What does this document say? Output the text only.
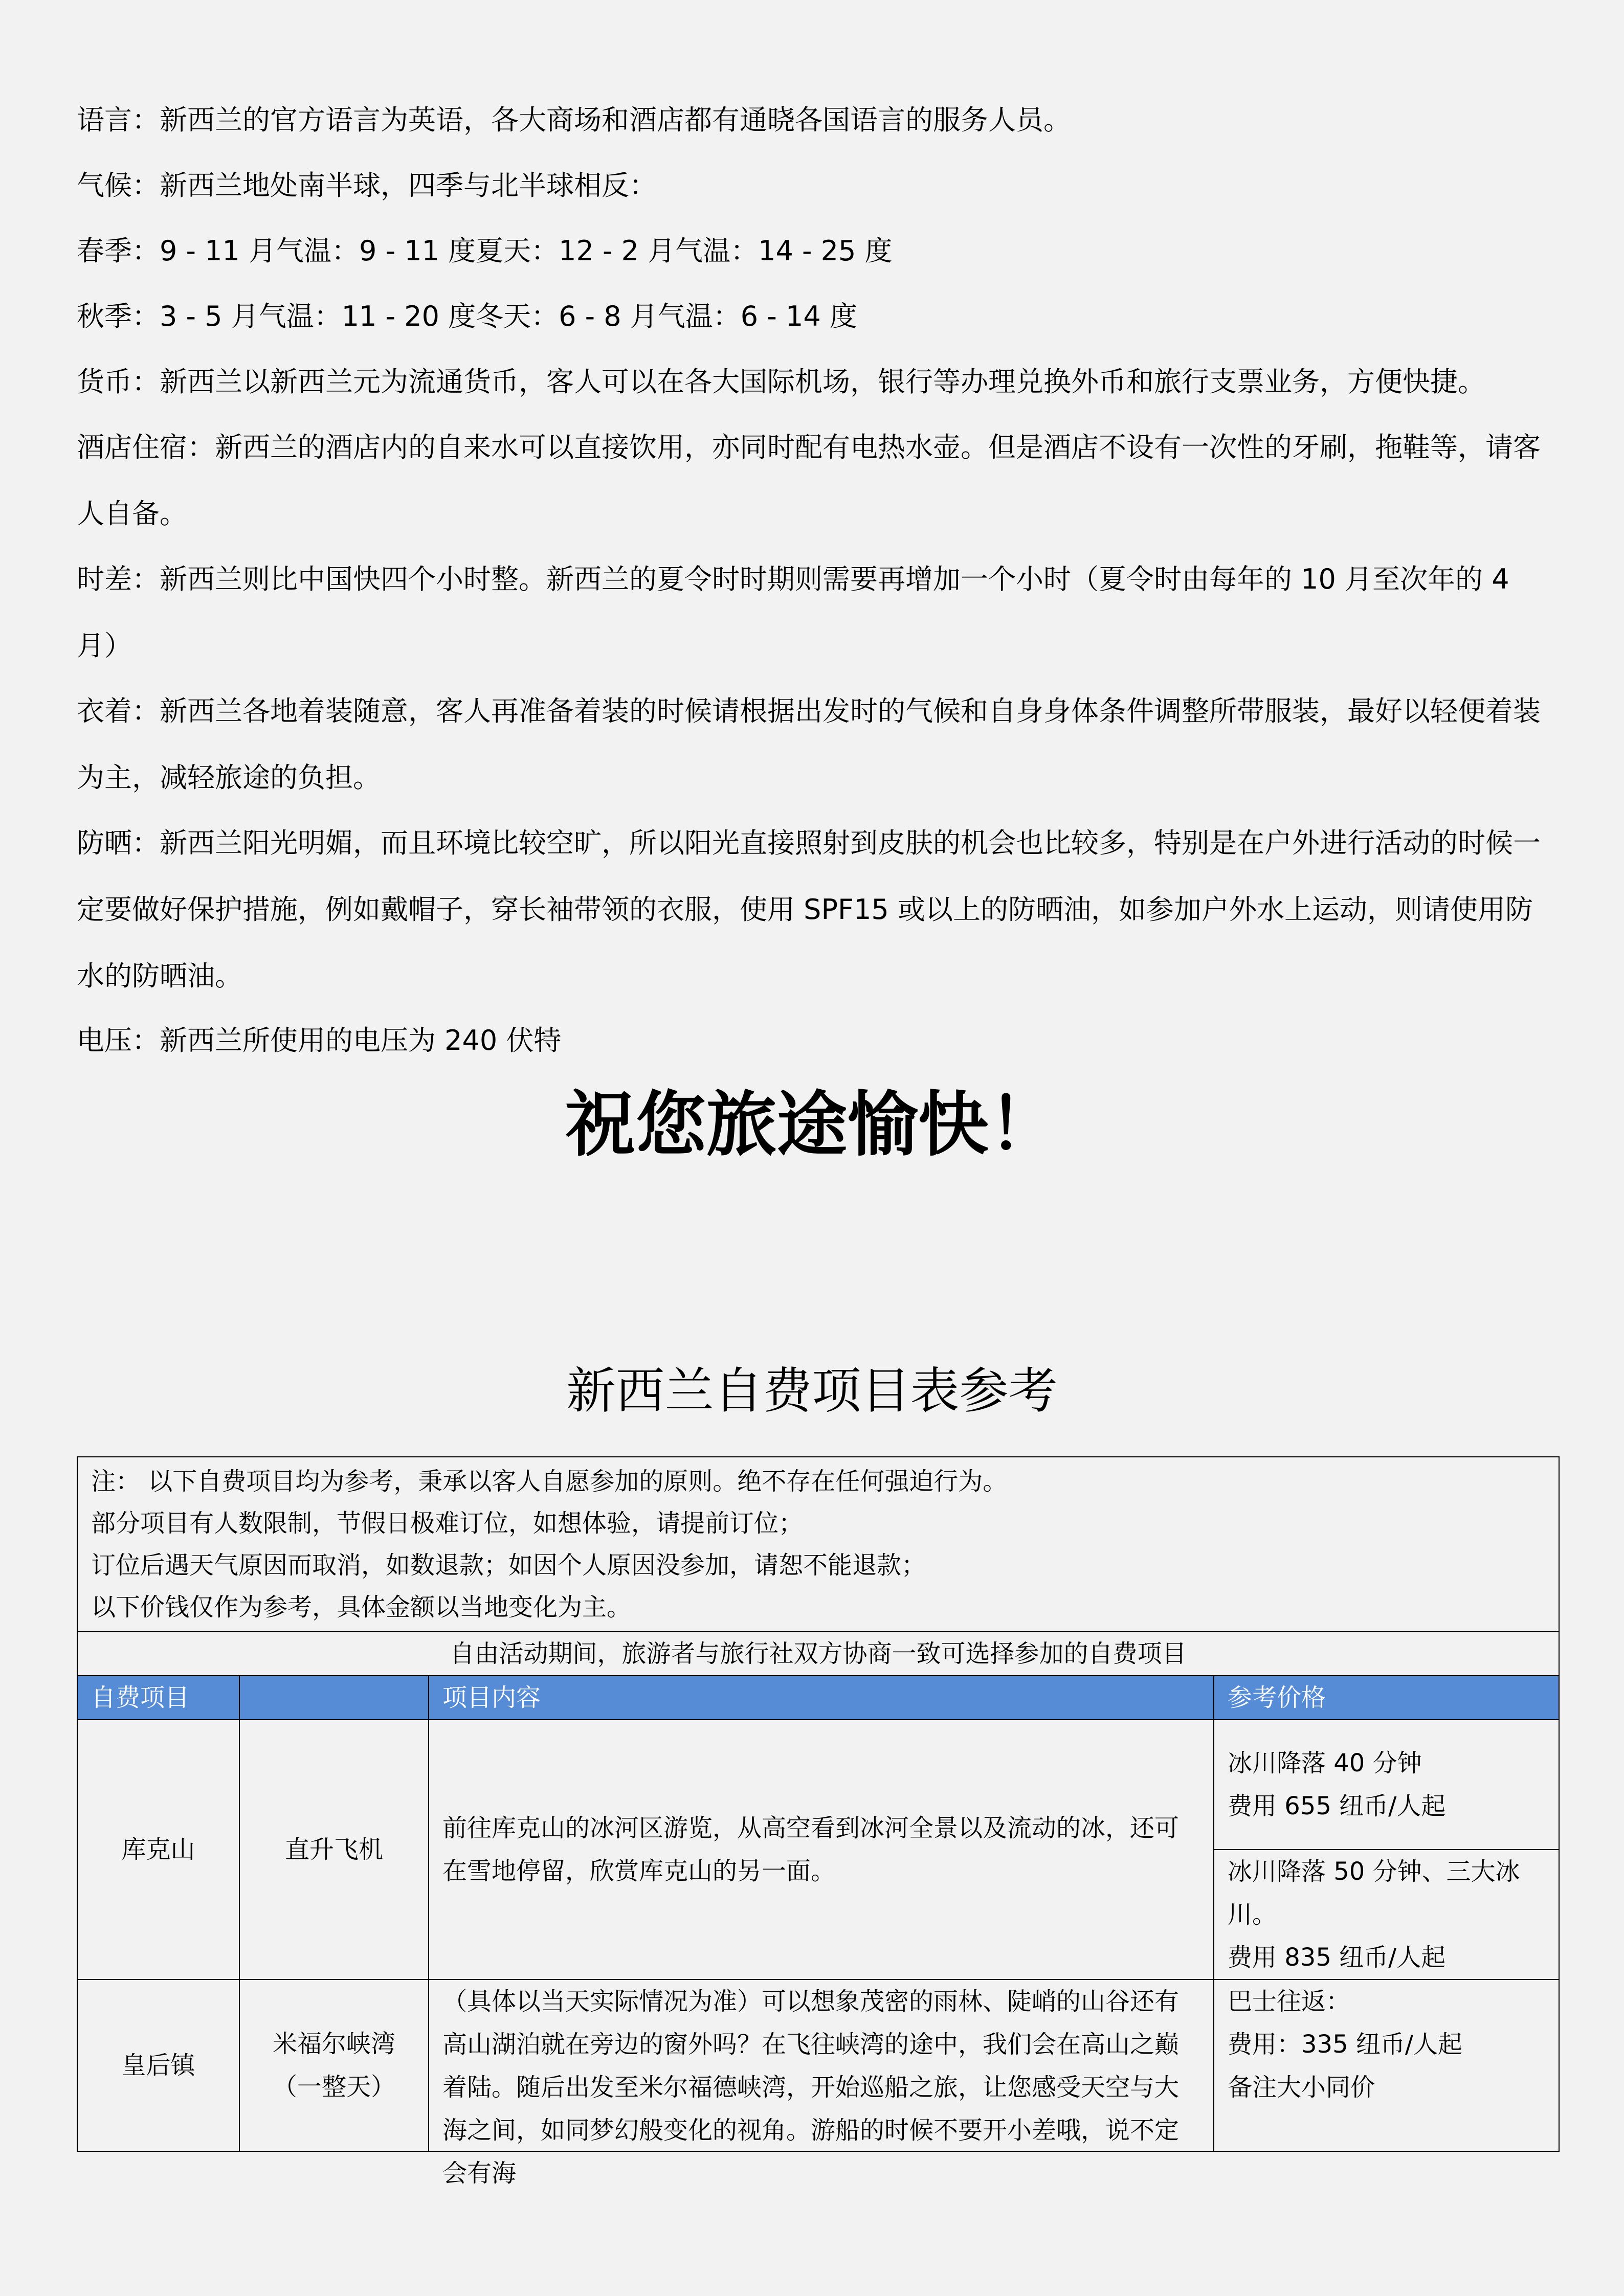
语言：新西兰的官方语言为英语，各大商场和酒店都有通晓各国语言的服务人员。

气候：新西兰地处南半球，四季与北半球相反：

春季：9 - 11 月气温：9 - 11 度夏天：12 - 2 月气温：14 - 25 度

秋季：3 - 5 月气温：11 - 20 度冬天：6 - 8 月气温：6 - 14 度

货币：新西兰以新西兰元为流通货币，客人可以在各大国际机场，银行等办理兑换外币和旅行支票业务，方便快捷。

酒店住宿：新西兰的酒店内的自来水可以直接饮用，亦同时配有电热水壶。但是酒店不设有一次性的牙刷，拖鞋等，请客人自备。

时差：新西兰则比中国快四个小时整。新西兰的夏令时时期则需要再增加一个小时（夏令时由每年的 10 月至次年的 4 月）

衣着：新西兰各地着装随意，客人再准备着装的时候请根据出发时的气候和自身身体条件调整所带服装，最好以轻便着装为主，减轻旅途的负担。

防晒：新西兰阳光明媚，而且环境比较空旷，所以阳光直接照射到皮肤的机会也比较多，特别是在户外进行活动的时候一定要做好保护措施，例如戴帽子，穿长袖带领的衣服，使用 SPF15 或以上的防晒油，如参加户外水上运动，则请使用防水的防晒油。

电压：新西兰所使用的电压为 240 伏特

祝您旅途愉快！

新西兰自费项目表参考

注： 以下自费项目均为参考，秉承以客人自愿参加的原则。绝不存在任何强迫行为。
部分项目有人数限制，节假日极难订位，如想体验，请提前订位；
订位后遇天气原因而取消，如数退款；如因个人原因没参加，请恕不能退款；
以下价钱仅作为参考，具体金额以当地变化为主。			

自由活动期间，旅游者与旅行社双方协商一致可选择参加的自费项目			
自费项目		项目内容	参考价格
库克山	直升飞机	前往库克山的冰河区游览，从高空看到冰河全景以及流动的冰，还可在雪地停留，欣赏库克山的另一面。	冰川降落 40 分钟
费用 655 纽币/人起

			冰川降落 50 分钟、三大冰川。
费用 835 纽币/人起

皇后镇	米福尔峡湾
（一整天）	（具体以当天实际情况为准）可以想象茂密的雨林、陡峭的山谷还有高山湖泊就在旁边的窗外吗？在飞往峡湾的途中，我们会在高山之巅着陆。随后出发至米尔福德峡湾，开始巡船之旅，让您感受天空与大海之间，如同梦幻般变化的视角。游船的时候不要开小差哦，说不定会有海	巴士往返：
费用：335 纽币/人起
备注大小同价
